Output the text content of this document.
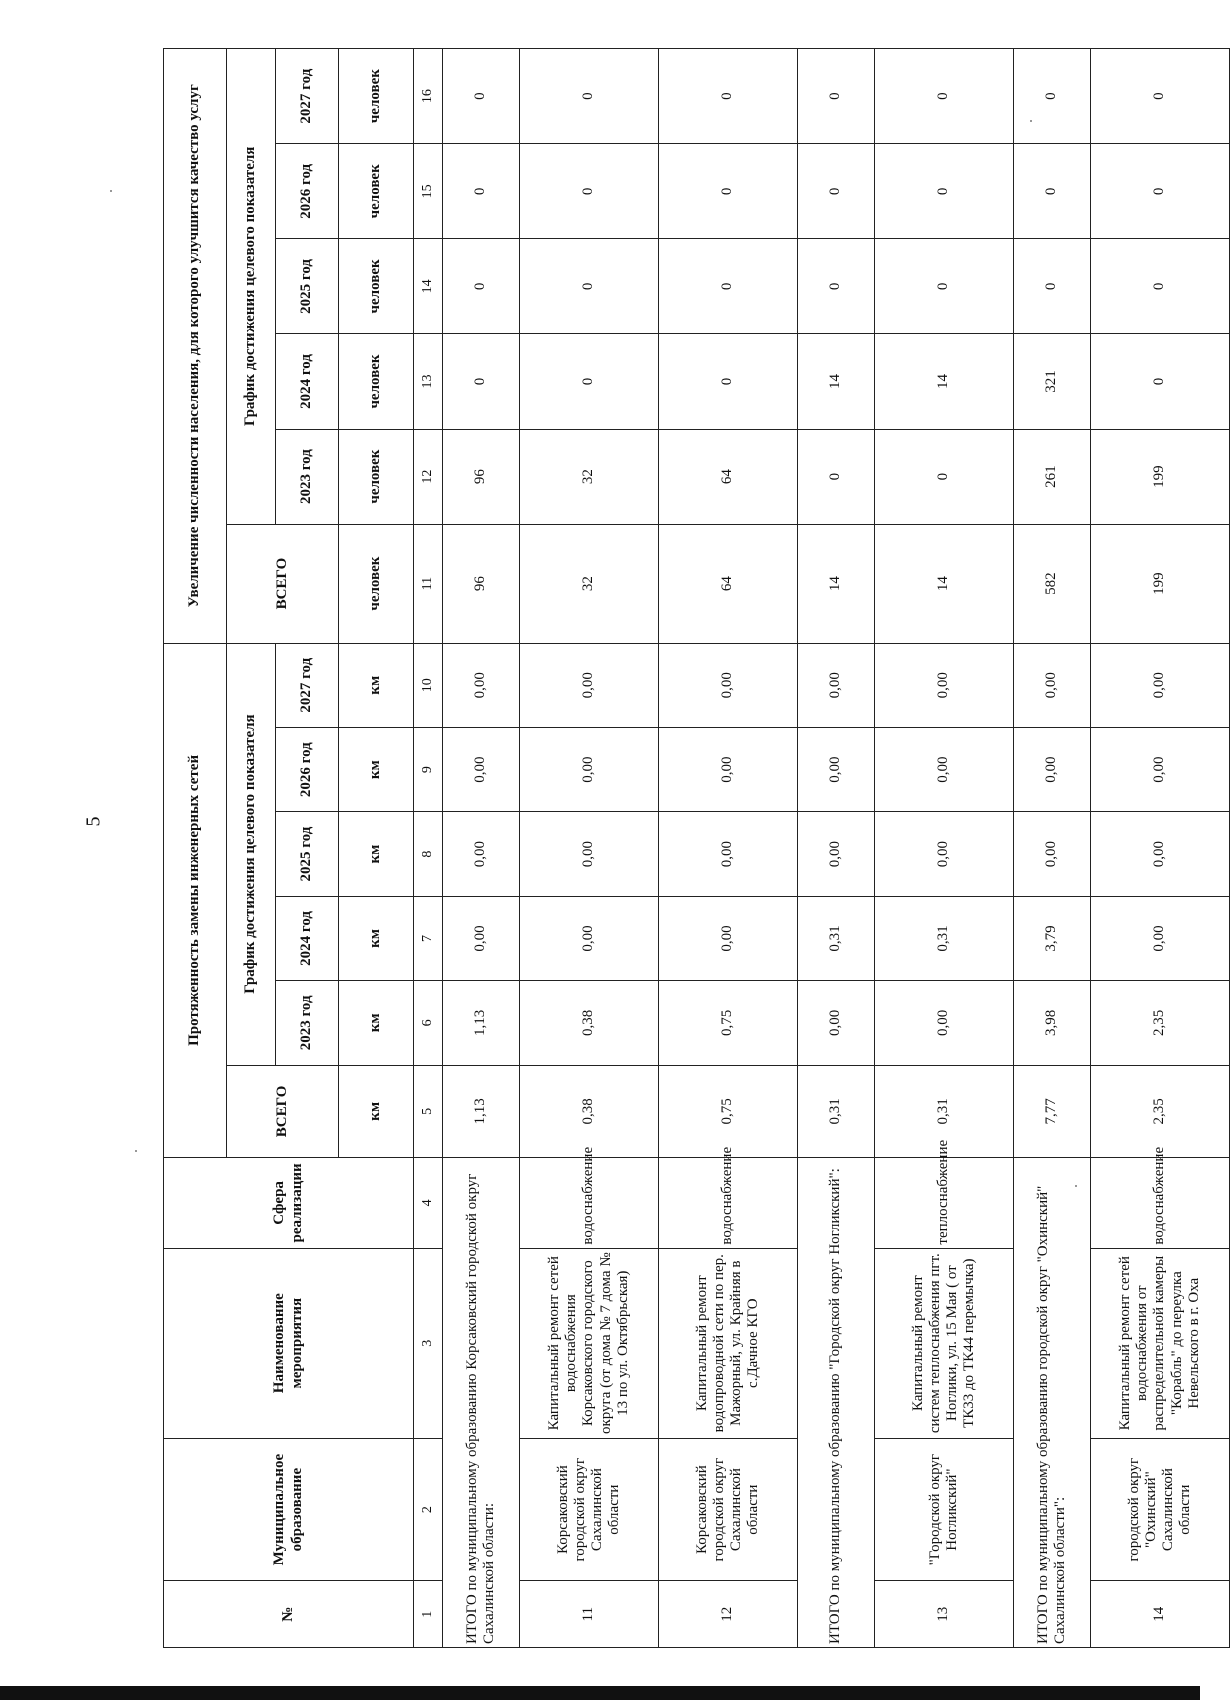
5
№	Муниципальное образование	Наименование мероприятия	Сфера реализации	Протяженность замены инженерных сетей						Увеличение численности населения, для которого улучшится качество услуг					
				ВСЕГО	График достижения целевого показателя					ВСЕГО	График достижения целевого показателя				
					2023 год	2024 год	2025 год	2026 год	2027 год		2023 год	2024 год	2025 год	2026 год	2027 год
				км	км	км	км	км	км	человек	человек	человек	человек	человек	человек
1	2	3	4	5	6	7	8	9	10	11	12	13	14	15	16
ИТОГО по муниципальному образованию Корсаковский городской округ Сахалинской области:				1,13	1,13	0,00	0,00	0,00	0,00	96	96	0	0	0	0
11	Корсаковский городской округ Сахалинской области	Капитальный ремонт сетей водоснабжения Корсаковского городского округа (от дома № 7 дома № 13 по ул. Октябрьская)	водоснабжение	0,38	0,38	0,00	0,00	0,00	0,00	32	32	0	0	0	0
12	Корсаковский городской округ Сахалинской области	Капитальный ремонт водопроводной сети по пер. Мажорный, ул. Крайняя в с.Дачное КГО	водоснабжение	0,75	0,75	0,00	0,00	0,00	0,00	64	64	0	0	0	0
ИТОГО по муниципальному образованию "Городской округ Ногликский":				0,31	0,00	0,31	0,00	0,00	0,00	14	0	14	0	0	0
13	"Городской округ Ногликский"	Капитальный ремонт систем теплоснабжения пгт. Ноглики, ул. 15 Мая ( от ТК33 до ТК44 перемычка)	теплоснабжение	0,31	0,00	0,31	0,00	0,00	0,00	14	0	14	0	0	0
ИТОГО по муниципальному образованию городской округ "Охинский" Сахалинской области":				7,77	3,98	3,79	0,00	0,00	0,00	582	261	321	0	0	0
14	городской округ "Охинский" Сахалинской области	Капитальный ремонт сетей водоснабжения от распределительной камеры "Корабль" до переулка Невельского в г. Оха	водоснабжение	2,35	2,35	0,00	0,00	0,00	0,00	199	199	0	0	0	0
